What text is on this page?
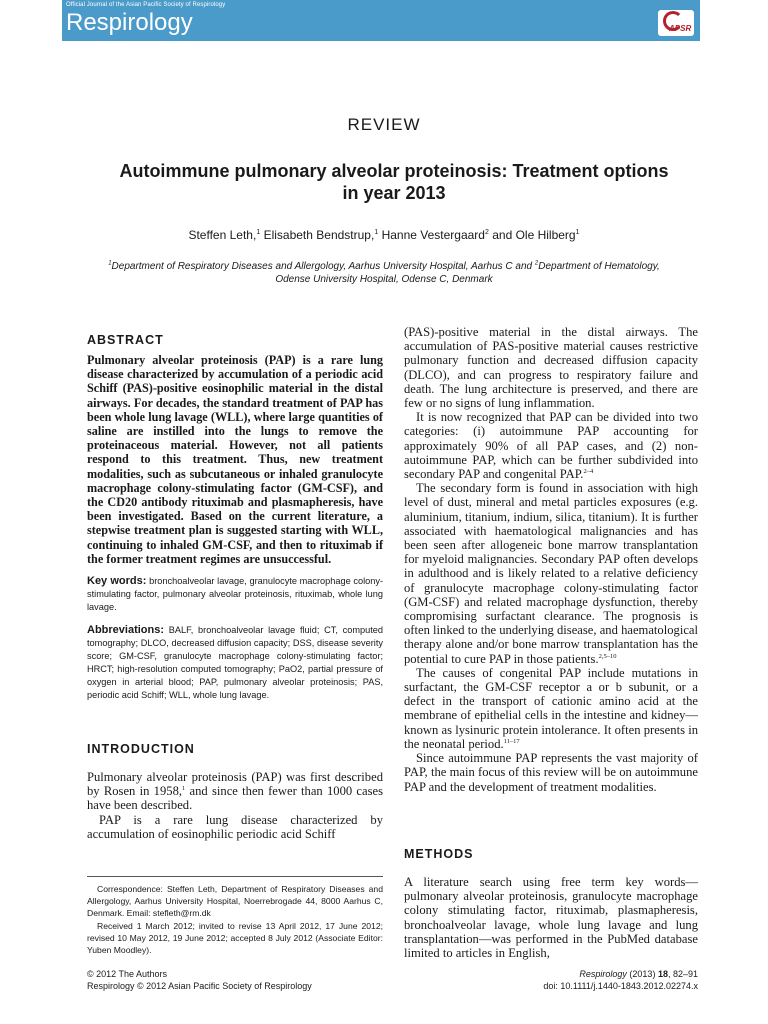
Official Journal of the Asian Pacific Society of Respirology
Respirology	APSR
REVIEW
Autoimmune pulmonary alveolar proteinosis: Treatment options
in year 2013
Steffen Leth,$^1$ Elisabeth Bendstrup,$^1$ Hanne Vestergaard$^2$ and Ole Hilberg$^1$
$^1$Department of Respiratory Diseases and Allergology, Aarhus University Hospital, Aarhus C and $^2$Department of Hematology, Odense University Hospital, Odense C, Denmark
ABSTRACT

Pulmonary alveolar proteinosis (PAP) is a rare lung disease characterized by accumulation of a periodic acid Schiff (PAS)-positive eosinophilic material in the distal airways. For decades, the standard treatment of PAP has been whole lung lavage (WLL), where large quantities of saline are instilled into the lungs to remove the proteinaceous material. However, not all patients respond to this treatment. Thus, new treatment modalities, such as subcutaneous or inhaled granulocyte macrophage colony-stimulating factor (GM-CSF), and the CD20 antibody rituximab and plasmapheresis, have been investigated. Based on the current literature, a stepwise treatment plan is suggested starting with WLL, continuing to inhaled GM-CSF, and then to rituximab if the former treatment regimes are unsuccessful.

Key words: bronchoalveolar lavage, granulocyte macrophage colony-stimulating factor, pulmonary alveolar proteinosis, rituximab, whole lung lavage.

Abbreviations: BALF, bronchoalveolar lavage fluid; CT, computed tomography; DLCO, decreased diffusion capacity; DSS, disease severity score; GM-CSF, granulocyte macrophage colony-stimulating factor; HRCT; high-resolution computed tomography; PaO2, partial pressure of oxygen in arterial blood; PAP, pulmonary alveolar proteinosis; PAS, periodic acid Schiff; WLL, whole lung lavage.

INTRODUCTION

Pulmonary alveolar proteinosis (PAP) was first described by Rosen in 1958,$^1$ and since then fewer than 1000 cases have been described.

PAP is a rare lung disease characterized by accumulation of eosinophilic periodic acid Schiff

Correspondence: Steffen Leth, Department of Respiratory Diseases and Allergology, Aarhus University Hospital, Noerrebrogade 44, 8000 Aarhus C, Denmark. Email: stefleth@rm.dk

Received 1 March 2012; invited to revise 13 April 2012, 17 June 2012; revised 10 May 2012, 19 June 2012; accepted 8 July 2012 (Associate Editor: Yuben Moodley).

(PAS)-positive material in the distal airways. The accumulation of PAS-positive material causes restrictive pulmonary function and decreased diffusion capacity (DLCO), and can progress to respiratory failure and death. The lung architecture is preserved, and there are few or no signs of lung inflammation.

It is now recognized that PAP can be divided into two categories: (i) autoimmune PAP accounting for approximately 90% of all PAP cases, and (2) non-autoimmune PAP, which can be further subdivided into secondary PAP and congenital PAP.$^{2-4}$

The secondary form is found in association with high level of dust, mineral and metal particles exposures (e.g. aluminium, titanium, indium, silica, titanium). It is further associated with haematological malignancies and has been seen after allogeneic bone marrow transplantation for myeloid malignancies. Secondary PAP often develops in adulthood and is likely related to a relative deficiency of granulocyte macrophage colony-stimulating factor (GM-CSF) and related macrophage dysfunction, thereby compromising surfactant clearance. The prognosis is often linked to the underlying disease, and haematological therapy alone and/or bone marrow transplantation has the potential to cure PAP in those patients.$^{2,5-10}$

The causes of congenital PAP include mutations in surfactant, the GM-CSF receptor a or b subunit, or a defect in the transport of cationic amino acid at the membrane of epithelial cells in the intestine and kidney—known as lysinuric protein intolerance. It often presents in the neonatal period.$^{11-17}$

Since autoimmune PAP represents the vast majority of PAP, the main focus of this review will be on autoimmune PAP and the development of treatment modalities.

METHODS

A literature search using free term key words—pulmonary alveolar proteinosis, granulocyte macrophage colony stimulating factor, rituximab, plasmapheresis, bronchoalveolar lavage, whole lung lavage and lung transplantation—was performed in the PubMed database limited to articles in English,

© 2012 The Authors
Respirology © 2012 Asian Pacific Society of Respirology
Respirology (2013) 18, 82–91
doi: 10.1111/j.1440-1843.2012.02274.x
